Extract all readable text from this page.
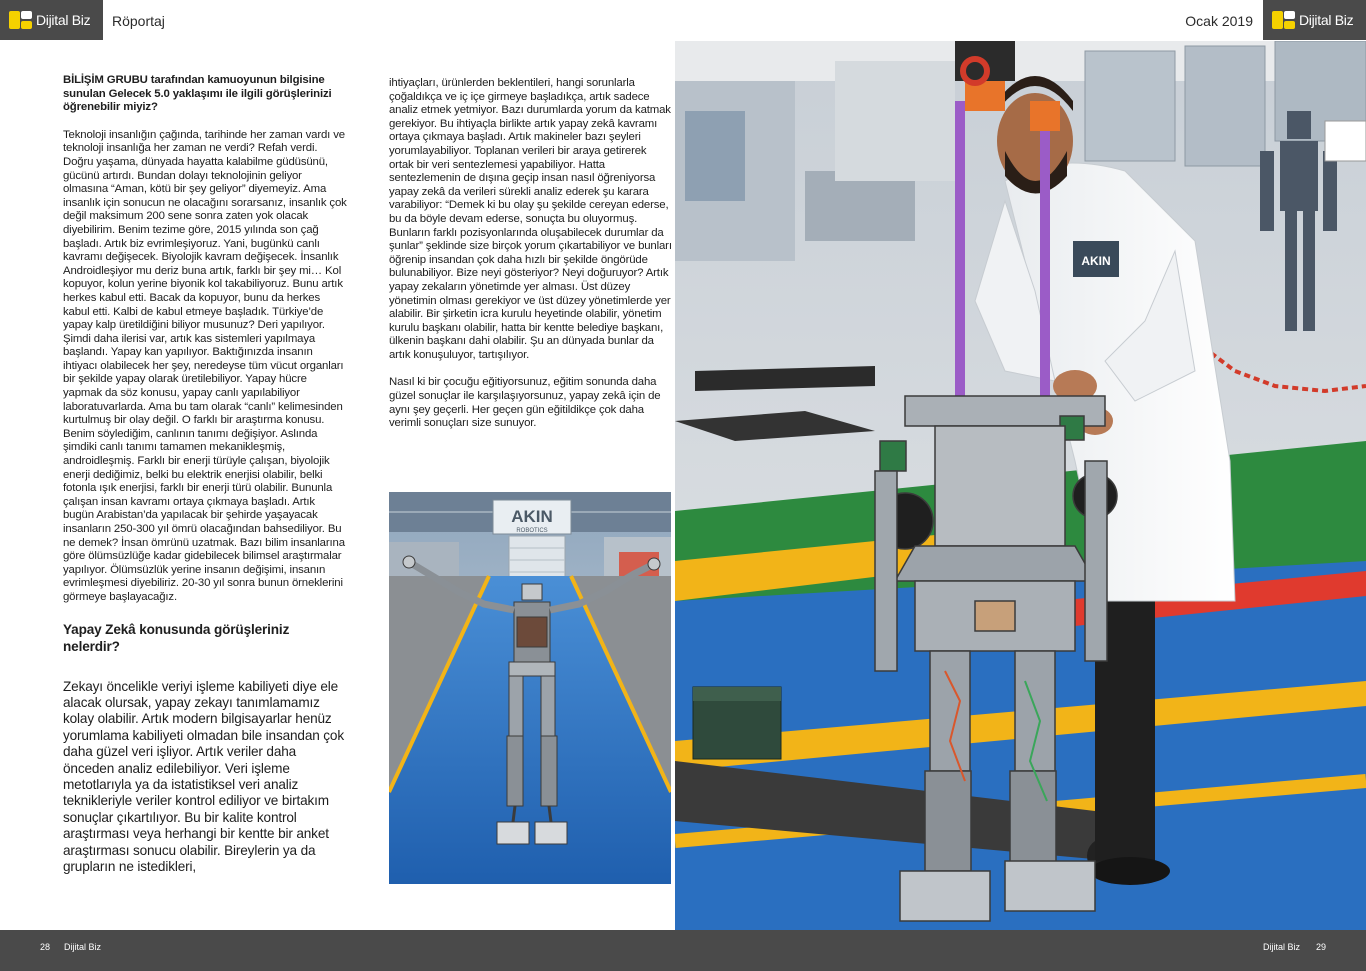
Dijital Biz Röportaj	Ocak 2019	Dijital Biz

BİLİŞİM GRUBU tarafından kamuoyunun bilgisine sunulan Gelecek 5.0 yaklaşımı ile ilgili görüşlerinizi öğrenebilir miyiz?

Teknoloji insanlığın çağında, tarihinde her zaman vardı ve teknoloji insanlığa her zaman ne verdi? Refah verdi. Doğru yaşama, dünyada hayatta kalabilme güdüsünü, gücünü artırdı. Bundan dolayı teknolojinin geliyor olmasına “Aman, kötü bir şey geliyor” diyemeyiz. Ama insanlık için sonucun ne olacağını sorarsanız, insanlık çok değil maksimum 200 sene sonra zaten yok olacak diyebilirim. Benim tezime göre, 2015 yılında son çağ başladı. Artık biz evrimleşiyoruz. Yani, bugünkü canlı kavramı değişecek. Biyolojik kavram değişecek. İnsanlık Androidleşiyor mu deriz buna artık, farklı bir şey mi… Kol kopuyor, kolun yerine biyonik kol takabiliyoruz. Bunu artık herkes kabul etti. Bacak da kopuyor, bunu da herkes kabul etti. Kalbi de kabul etmeye başladık. Türkiye’de yapay kalp üretildiğini biliyor musunuz? Deri yapılıyor. Şimdi daha ilerisi var, artık kas sistemleri yapılmaya başlandı. Yapay kan yapılıyor. Baktığınızda insanın ihtiyacı olabilecek her şey, neredeyse tüm vücut organları bir şekilde yapay olarak üretilebiliyor. Yapay hücre yapmak da söz konusu, yapay canlı yapılabiliyor laboratuvarlarda. Ama bu tam olarak “canlı” kelimesinden kurtulmuş bir olay değil. O farklı bir araştırma konusu. Benim söylediğim, canlının tanımı değişiyor. Aslında şimdiki canlı tanımı tamamen mekanikleşmiş, androidleşmiş. Farklı bir enerji türüyle çalışan, biyolojik enerji dediğimiz, belki bu elektrik enerjisi olabilir, belki fotonla ışık enerjisi, farklı bir enerji türü olabilir. Bununla çalışan insan kavramı ortaya çıkmaya başladı. Artık bugün Arabistan’da yapılacak bir şehirde yaşayacak insanların 250-300 yıl ömrü olacağından bahsediliyor. Bu ne demek? İnsan ömrünü uzatmak. Bazı bilim insanlarına göre ölümsüzlüğe kadar gidebilecek bilimsel araştırmalar yapılıyor. Ölümsüzlük yerine insanın değişimi, insanın evrimleşmesi diyebiliriz. 20-30 yıl sonra bunun örneklerini görmeye başlayacağız.

Yapay Zekâ konusunda görüşleriniz nelerdir?

Zekayı öncelikle veriyi işleme kabiliyeti diye ele alacak olursak, yapay zekayı tanımlamamız kolay olabilir. Artık modern bilgisayarlar henüz yorumlama kabiliyeti olmadan bile insandan çok daha güzel veri işliyor. Artık veriler daha önceden analiz edilebiliyor. Veri işleme metotlarıyla ya da istatistiksel veri analiz teknikleriyle veriler kontrol ediliyor ve birtakım sonuçlar çıkartılıyor. Bu bir kalite kontrol araştırması veya herhangi bir kentte bir anket araştırması sonucu olabilir. Bireylerin ya da grupların ne istedikleri,

ihtiyaçları, ürünlerden beklentileri, hangi sorunlarla çoğaldıkça ve iç içe girmeye başladıkça, artık sadece analiz etmek yetmiyor. Bazı durumlarda yorum da katmak gerekiyor. Bu ihtiyaçla birlikte artık yapay zekâ kavramı ortaya çıkmaya başladı. Artık makineler bazı şeyleri yorumlayabiliyor. Toplanan verileri bir araya getirerek ortak bir veri sentezlemesi yapabiliyor. Hatta sentezlemenin de dışına geçip insan nasıl öğreniyorsa yapay zekâ da verileri sürekli analiz ederek şu karara varabiliyor: “Demek ki bu olay şu şekilde cereyan ederse, bu da böyle devam ederse, sonuçta bu oluyormuş. Bunların farklı pozisyonlarında oluşabilecek durumlar da şunlar” şeklinde size birçok yorum çıkartabiliyor ve bunları öğrenip insandan çok daha hızlı bir şekilde öngörüde bulunabiliyor. Bize neyi gösteriyor? Neyi doğuruyor? Artık yapay zekaların yönetimde yer alması. Üst düzey yönetimin olması gerekiyor ve üst düzey yönetimlerde yer alabilir. Bir şirketin icra kurulu heyetinde olabilir, yönetim kurulu başkanı olabilir, hatta bir kentte belediye başkanı, ülkenin başkanı dahi olabilir. Şu an dünyada bunlar da artık konuşuluyor, tartışılıyor.

Nasıl ki bir çocuğu eğitiyorsunuz, eğitim sonunda daha güzel sonuçlar ile karşılaşıyorsunuz, yapay zekâ için de aynı şey geçerli. Her geçen gün eğitildikçe çok daha verimli sonuçları size sunuyor.

AKIN
ROBOTICS
AKIN
28 Dijital Biz	Dijital Biz 29
